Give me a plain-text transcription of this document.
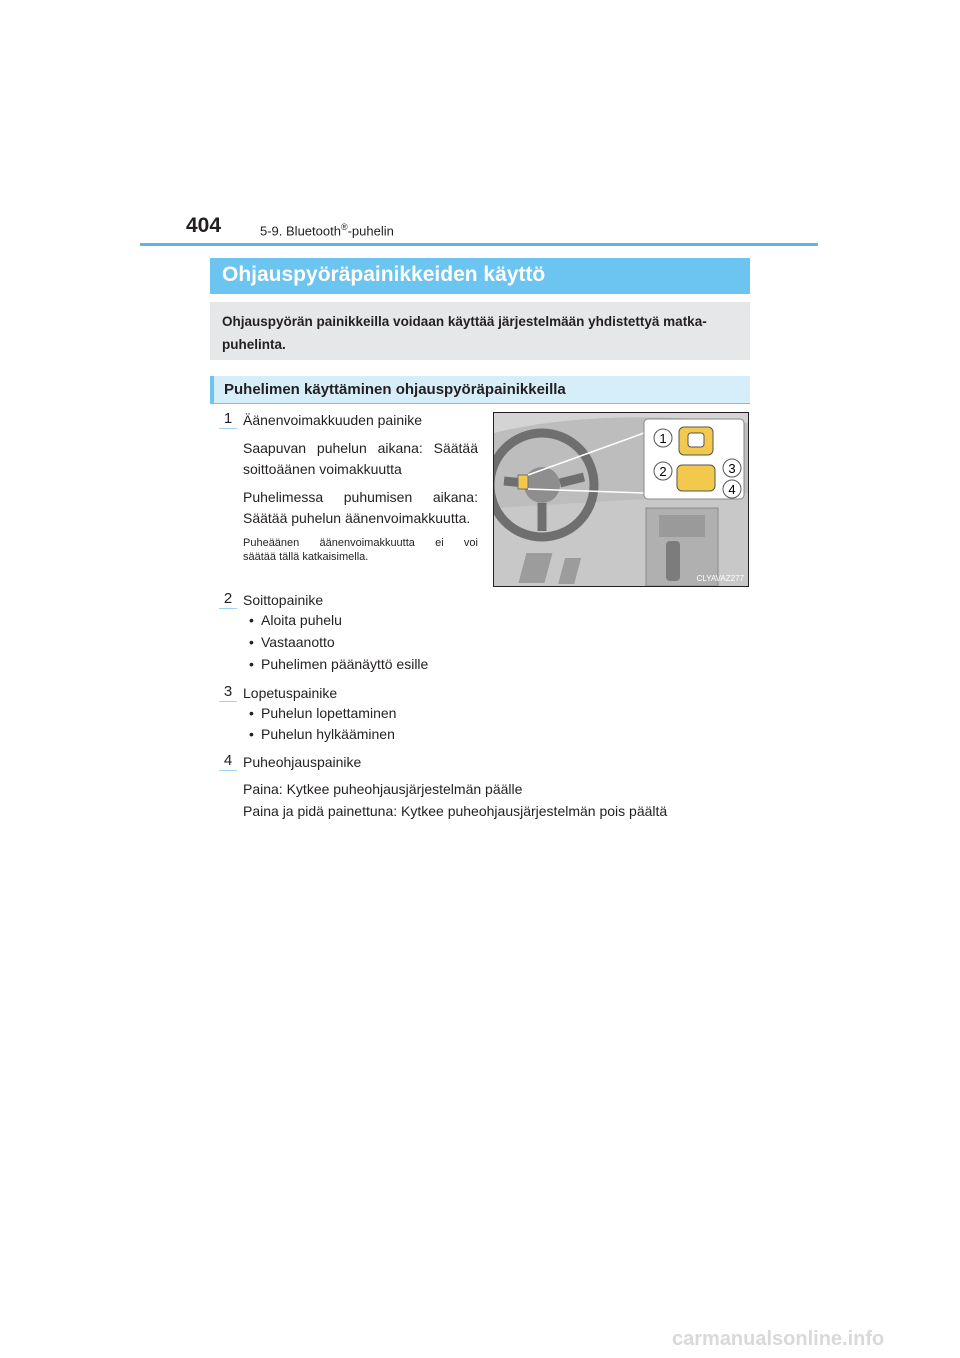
404	5-9. Bluetooth®-puhelin
Ohjauspyöräpainikkeiden käyttö
Ohjauspyörän painikkeilla voidaan käyttää järjestelmään yhdistettyä matka-
puhelinta.
Puhelimen käyttäminen ohjauspyöräpainikkeilla
1 Äänenvoimakkuuden painike
Saapuvan puhelun aikana: Säätää
soittoäänen voimakkuutta
Puhelimessa puhumisen aikana:
Säätää puhelun äänenvoimakkuutta.
Puheäänen äänenvoimakkuutta ei voi
säätää tällä katkaisimella.
1
2	3
4
CLYAVAZ277
2 Soittopainike
• Aloita puhelu
• Vastaanotto
• Puhelimen päänäyttö esille
3 Lopetuspainike
• Puhelun lopettaminen
• Puhelun hylkääminen
4 Puheohjauspainike
Paina: Kytkee puheohjausjärjestelmän päälle
Paina ja pidä painettuna: Kytkee puheohjausjärjestelmän pois päältä
carmanualsonline.info
